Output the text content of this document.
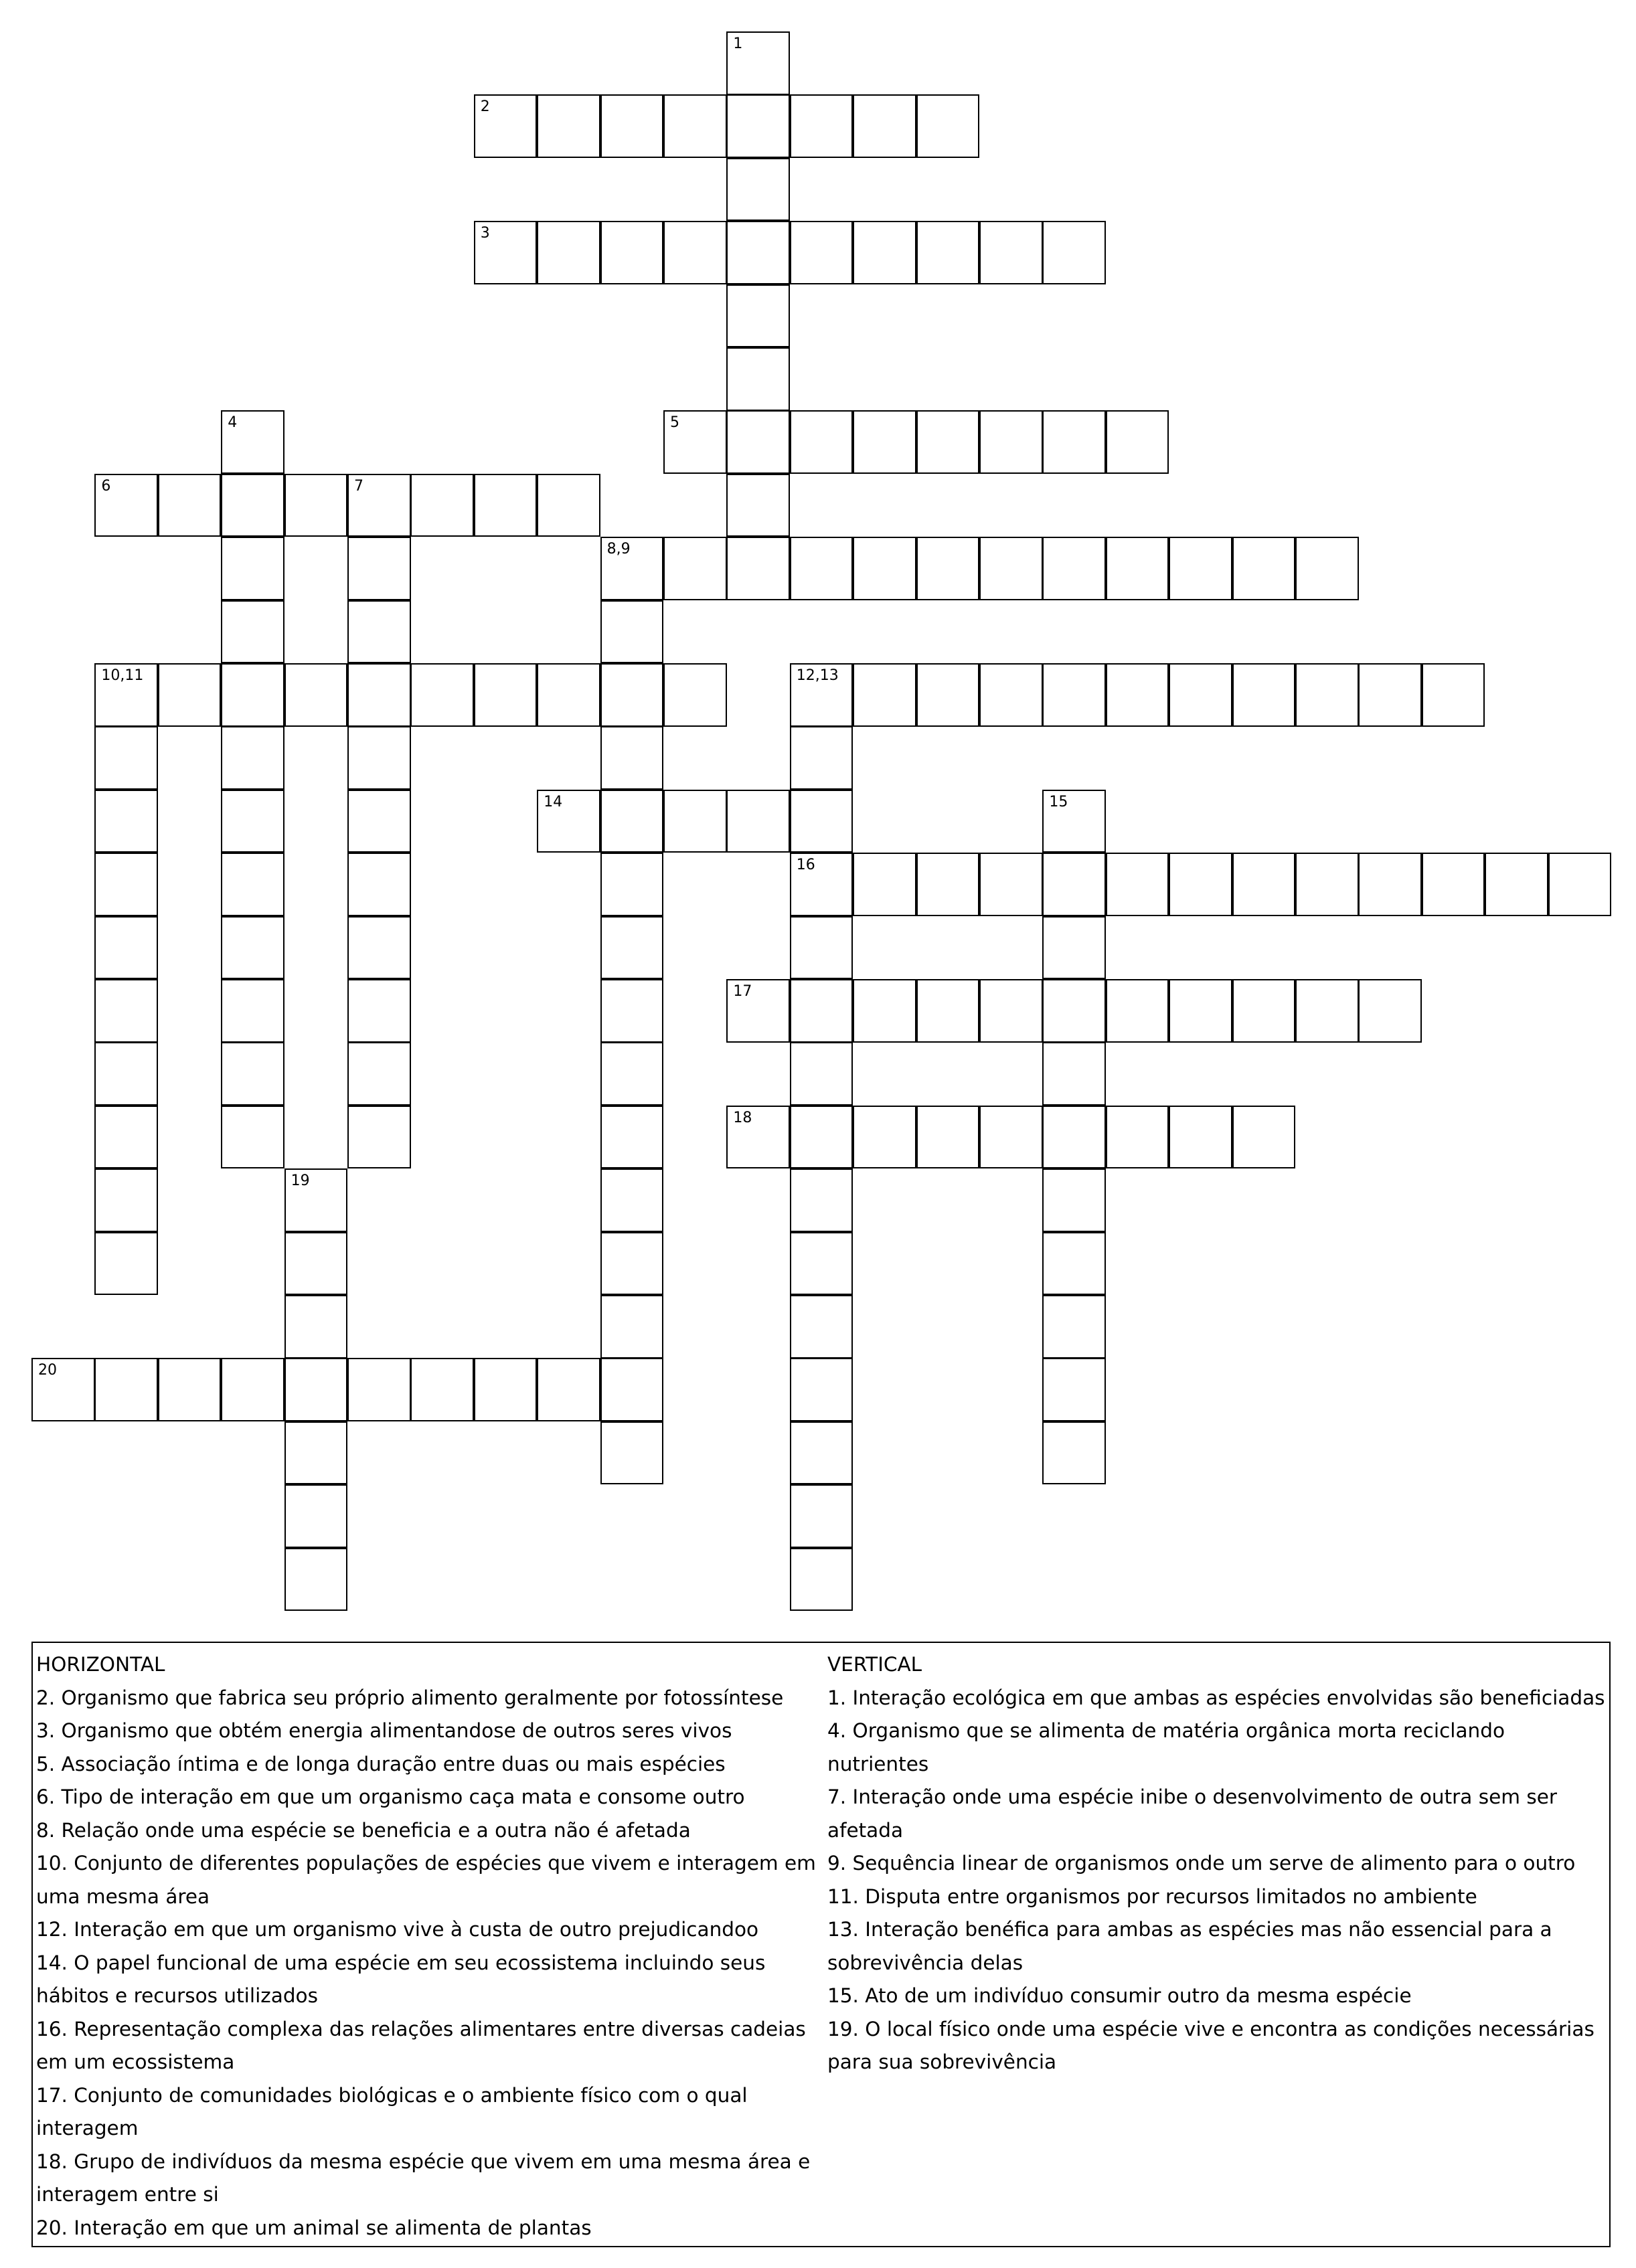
1
2
3
4	5
6	7
8,9
10,11	12,13
16
14	15
17
18
19
20
HORIZONTAL
2. Organismo que fabrica seu próprio alimento geralmente por fotossíntese
3. Organismo que obtém energia alimentandose de outros seres vivos
5. Associação íntima e de longa duração entre duas ou mais espécies
6. Tipo de interação em que um organismo caça mata e consome outro
8. Relação onde uma espécie se beneficia e a outra não é afetada
10. Conjunto de diferentes populações de espécies que vivem e interagem em uma mesma área
12. Interação em que um organismo vive à custa de outro prejudicandoo
14. O papel funcional de uma espécie em seu ecossistema incluindo seus hábitos e recursos utilizados
16. Representação complexa das relações alimentares entre diversas cadeias em um ecossistema
17. Conjunto de comunidades biológicas e o ambiente físico com o qual interagem
18. Grupo de indivíduos da mesma espécie que vivem em uma mesma área e interagem entre si
20. Interação em que um animal se alimenta de plantas
VERTICAL
1. Interação ecológica em que ambas as espécies envolvidas são beneficiadas
4. Organismo que se alimenta de matéria orgânica morta reciclando nutrientes
7. Interação onde uma espécie inibe o desenvolvimento de outra sem ser afetada
9. Sequência linear de organismos onde um serve de alimento para o outro
11. Disputa entre organismos por recursos limitados no ambiente
13. Interação benéfica para ambas as espécies mas não essencial para a sobrevivência delas
15. Ato de um indivíduo consumir outro da mesma espécie
19. O local físico onde uma espécie vive e encontra as condições necessárias para sua sobrevivência
